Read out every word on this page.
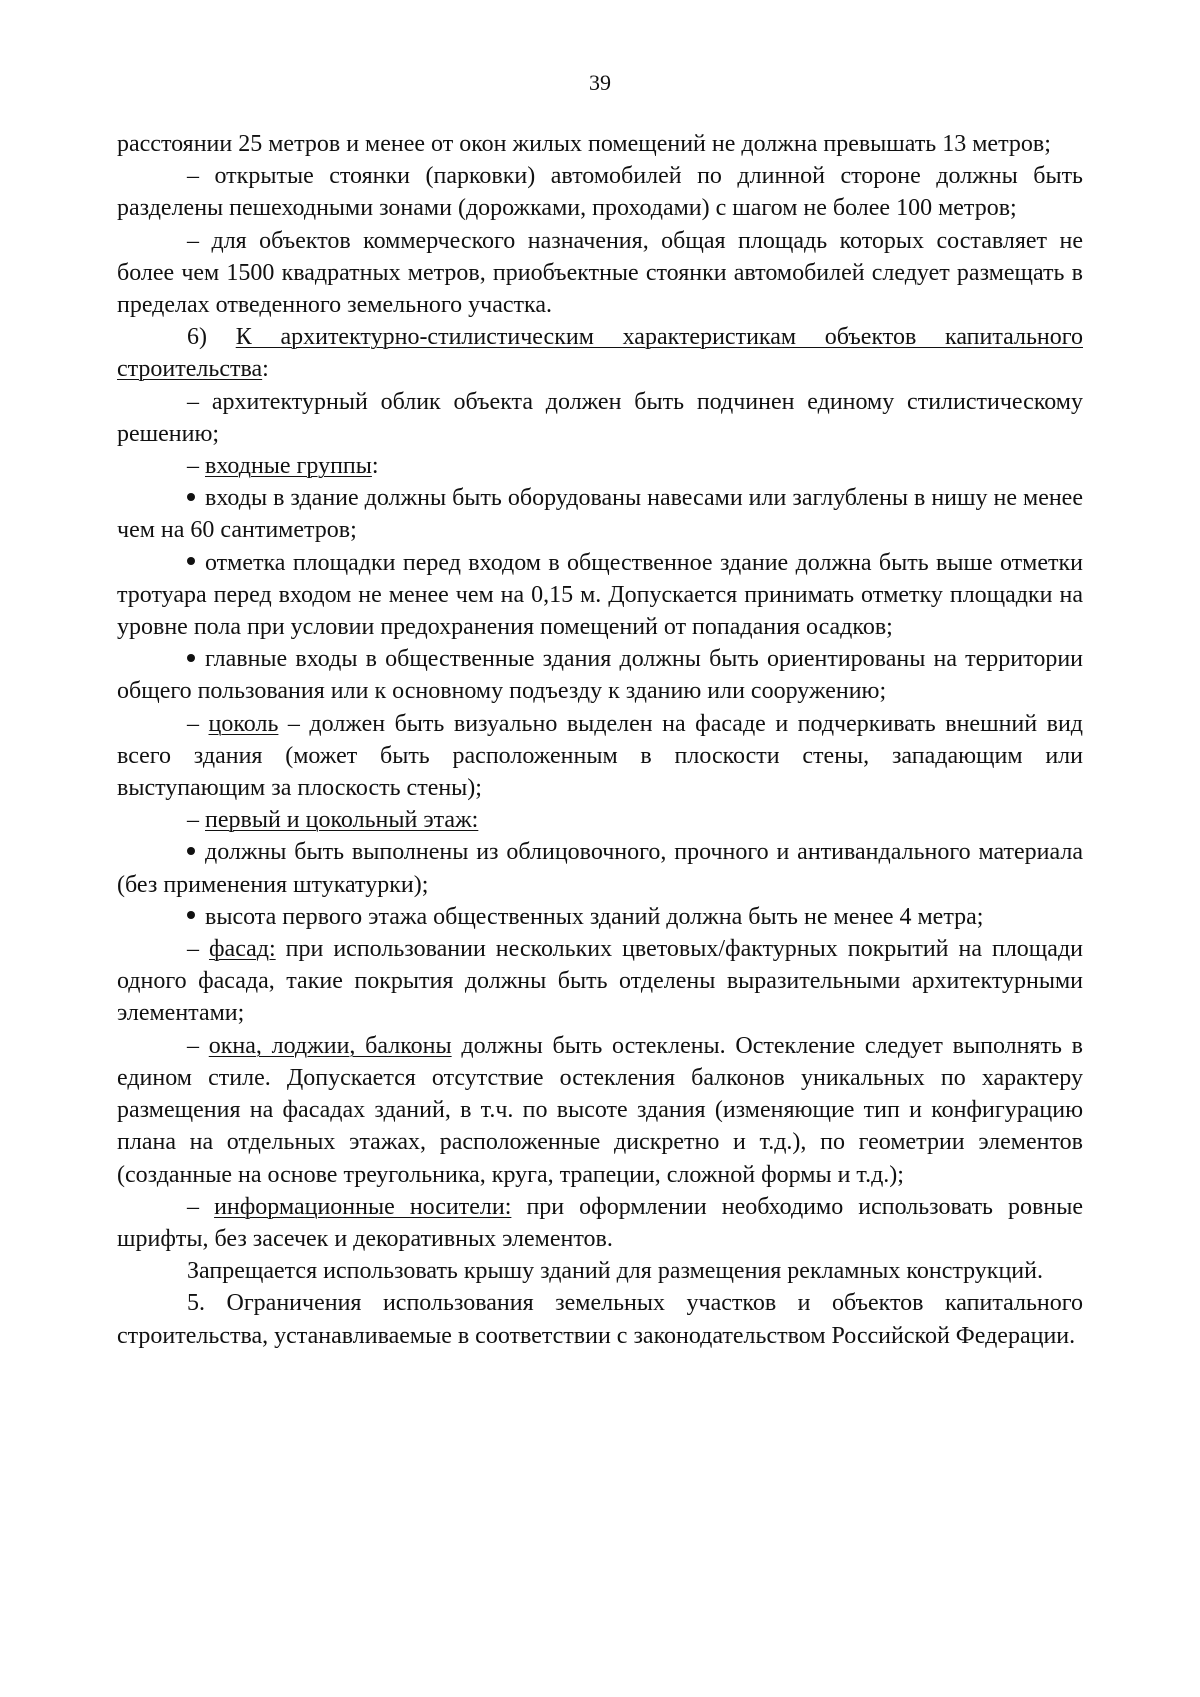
39

расстоянии 25 метров и менее от окон жилых помещений не должна превышать 13 метров;

– открытые стоянки (парковки) автомобилей по длинной стороне должны быть разделены пешеходными зонами (дорожками, проходами) с шагом не более 100 метров;

– для объектов коммерческого назначения, общая площадь которых составляет не более чем 1500 квадратных метров, приобъектные стоянки автомобилей следует размещать в пределах отведенного земельного участка.

6) К архитектурно-стилистическим характеристикам объектов капитального строительства:

– архитектурный облик объекта должен быть подчинен единому стилистическому решению;

– входные группы:

входы в здание должны быть оборудованы навесами или заглублены в нишу не менее чем на 60 сантиметров;

отметка площадки перед входом в общественное здание должна быть выше отметки тротуара перед входом не менее чем на 0,15 м. Допускается принимать отметку площадки на уровне пола при условии предохранения помещений от попадания осадков;

главные входы в общественные здания должны быть ориентированы на территории общего пользования или к основному подъезду к зданию или сооружению;

– цоколь – должен быть визуально выделен на фасаде и подчеркивать внешний вид всего здания (может быть расположенным в плоскости стены, западающим или выступающим за плоскость стены);

– первый и цокольный этаж:

должны быть выполнены из облицовочного, прочного и антивандального материала (без применения штукатурки);

высота первого этажа общественных зданий должна быть не менее 4 метра;

– фасад: при использовании нескольких цветовых/фактурных покрытий на площади одного фасада, такие покрытия должны быть отделены выразительными архитектурными элементами;

– окна, лоджии, балконы должны быть остеклены. Остекление следует выполнять в едином стиле. Допускается отсутствие остекления балконов уникальных по характеру размещения на фасадах зданий, в т.ч. по высоте здания (изменяющие тип и конфигурацию плана на отдельных этажах, расположенные дискретно и т.д.), по геометрии элементов (созданные на основе треугольника, круга, трапеции, сложной формы и т.д.);

– информационные носители: при оформлении необходимо использовать ровные шрифты, без засечек и декоративных элементов.

Запрещается использовать крышу зданий для размещения рекламных конструкций.

5. Ограничения использования земельных участков и объектов капитального строительства, устанавливаемые в соответствии с законодательством Российской Федерации.
